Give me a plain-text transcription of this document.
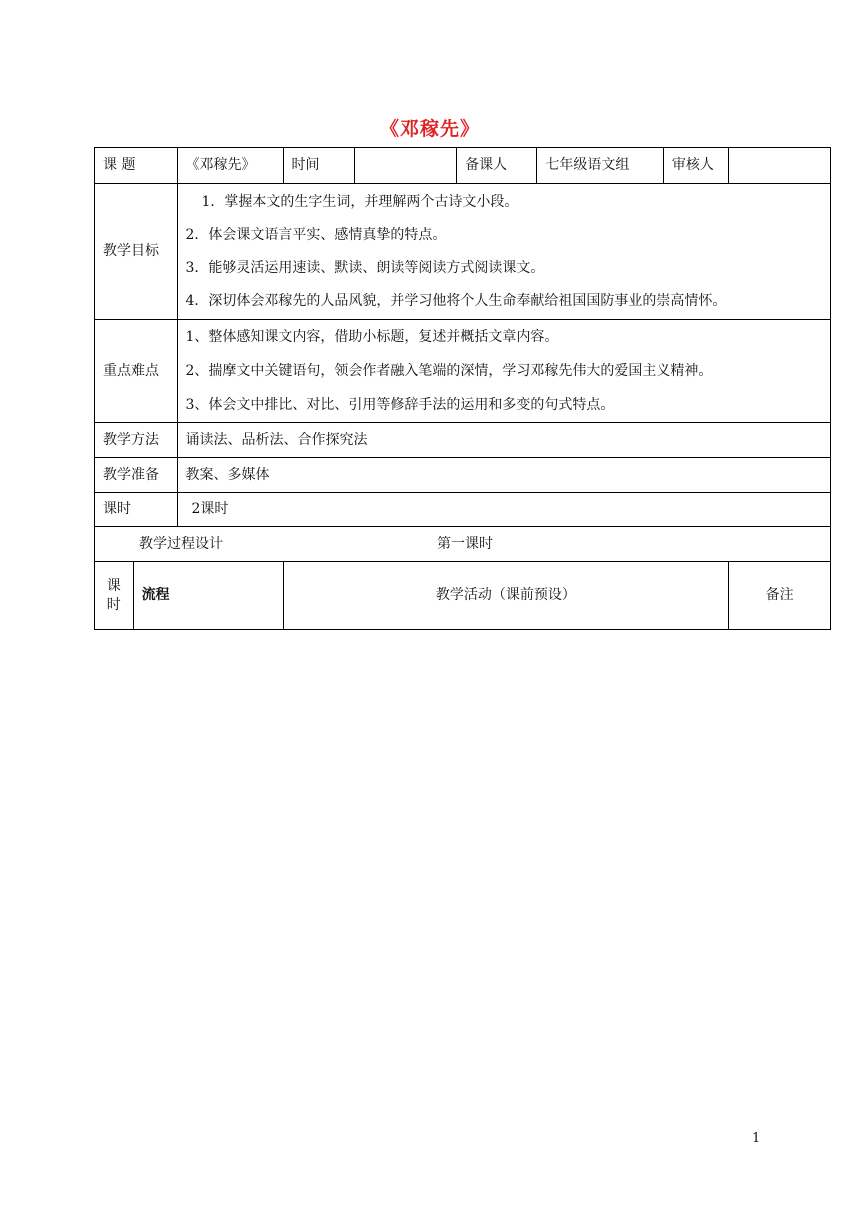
《邓稼先》
课 题		《邓稼先》	时间		备课人	七年级语文组	审核人	
教学目标		1．掌握本文的生字生词，并理解两个古诗文小段。

2．体会课文语言平实、感情真挚的特点。

3．能够灵活运用速读、默读、朗读等阅读方式阅读课文。

4．深切体会邓稼先的人品风貌，并学习他将个人生命奉献给祖国国防事业的崇高情怀。						

重点难点		1、整体感知课文内容，借助小标题，复述并概括文章内容。

2、揣摩文中关键语句，领会作者融入笔端的深情，学习邓稼先伟大的爱国主义精神。

3、体会文中排比、对比、引用等修辞手法的运用和多变的句式特点。						

教学方法		诵读法、品析法、合作探究法						
教学准备		教案、多媒体						
课时		2课时						
教学过程设计 第一课时								

课
时	流程		教学活动（课前预设）					备注
1
